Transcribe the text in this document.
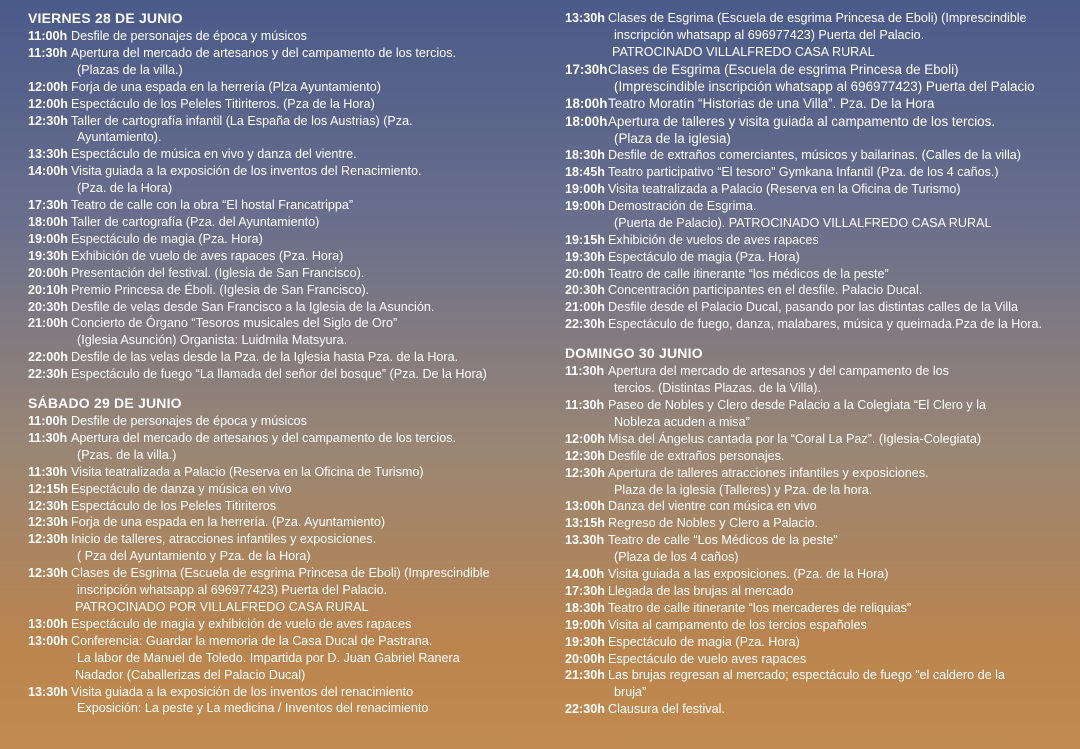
VIERNES 28 DE JUNIO
11:00h Desfile de personajes de época y músicos
11:30h Apertura del mercado de artesanos y del campamento de los tercios.
(Plazas de la villa.)
12:00h Forja de una espada en la herrería (Plza Ayuntamiento)
12:00h Espectáculo de los Peleles Titiriteros. (Pza de la Hora)
12:30h Taller de cartografía infantil (La España de los Austrias) (Pza.
Ayuntamiento).
13:30h Espectáculo de música en vivo y danza del vientre.
14:00h Visita guiada a la exposición de los inventos del Renacimiento.
(Pza. de la Hora)
17:30h Teatro de calle con la obra “El hostal Francatrippa”
18:00h Taller de cartografía (Pza. del Ayuntamiento)
19:00h Espectáculo de magia (Pza. Hora)
19:30h Exhibición de vuelo de aves rapaces (Pza. Hora)
20:00h Presentación del festival. (Iglesia de San Francisco).
20:10h Premio Princesa de Éboli. (Iglesia de San Francisco).
20:30h Desfile de velas desde San Francisco a la Iglesia de la Asunción.
21:00h Concierto de Órgano “Tesoros musicales del Siglo de Oro”
(Iglesia Asunción) Organista: Luidmila Matsyura.
22:00h Desfile de las velas desde la Pza. de la Iglesia hasta Pza. de la Hora.
22:30h Espectáculo de fuego “La llamada del señor del bosque” (Pza. De la Hora)
SÁBADO 29 DE JUNIO
11:00h Desfile de personajes de época y músicos
11:30h Apertura del mercado de artesanos y del campamento de los tercios.
(Pzas. de la villa.)
11:30h Visita teatralizada a Palacio (Reserva en la Oficina de Turismo)
12:15h Espectáculo de danza y música en vivo
12:30h Espectáculo de los Peleles Titiriteros
12:30h Forja de una espada en la herrería. (Pza. Ayuntamiento)
12:30h Inicio de talleres, atracciones infantiles y exposiciones.
( Pza del Ayuntamiento y Pza. de la Hora)
12:30h Clases de Esgrima (Escuela de esgrima Princesa de Eboli) (Imprescindible
inscripción whatsapp al 696977423) Puerta del Palacio.
PATROCINADO POR VILLALFREDO CASA RURAL
13:00h Espectáculo de magia y exhibición de vuelo de aves rapaces
13:00h Conferencia: Guardar la memoria de la Casa Ducal de Pastrana.
La labor de Manuel de Toledo. Impartida por D. Juan Gabriel Ranera
Nadador (Caballerizas del Palacio Ducal)
13:30h Visita guiada a la exposición de los inventos del renacimiento
Exposición: La peste y La medicina / Inventos del renacimiento
13:30h Clases de Esgrima (Escuela de esgrima Princesa de Eboli) (Imprescindible
inscripción whatsapp al 696977423) Puerta del Palacio.
PATROCINADO VILLALFREDO CASA RURAL
17:30hClases de Esgrima (Escuela de esgrima Princesa de Eboli)
(Imprescindible inscripción whatsapp al 696977423) Puerta del Palacio
18:00hTeatro Moratín “Historias de una Villa”. Pza. De la Hora
18:00hApertura de talleres y visita guiada al campamento de los tercios.
(Plaza de la iglesia)
18:30h Desfile de extraños comerciantes, músicos y bailarinas. (Calles de la villa)
18:45h Teatro participativo “El tesoro” Gymkana Infantil (Pza. de los 4 caños.)
19:00h Visita teatralizada a Palacio (Reserva en la Oficina de Turismo)
19:00h Demostración de Esgrima.
(Puerta de Palacio). PATROCINADO VILLALFREDO CASA RURAL
19:15h Exhibición de vuelos de aves rapaces
19:30h Espectáculo de magia (Pza. Hora)
20:00h Teatro de calle itinerante “los médicos de la peste”
20:30h Concentración participantes en el desfile. Palacio Ducal.
21:00h Desfile desde el Palacio Ducal, pasando por las distintas calles de la Villa
22:30h Espectáculo de fuego, danza, malabares, música y queimada.Pza de la Hora.
DOMINGO 30 JUNIO
11:30h Apertura del mercado de artesanos y del campamento de los
tercios. (Distintas Plazas. de la Villa).
11:30h Paseo de Nobles y Clero desde Palacio a la Colegiata “El Clero y la
Nobleza acuden a misa”
12:00h Misa del Ángelus cantada por la “Coral La Paz”. (Iglesia-Colegiata)
12:30h Desfile de extraños personajes.
12:30h Apertura de talleres atracciones infantiles y exposiciones.
Plaza de la iglesia (Talleres) y Pza. de la hora.
13:00h Danza del vientre con música en vivo
13:15h Regreso de Nobles y Clero a Palacio.
13.30h Teatro de calle “Los Médicos de la peste”
(Plaza de los 4 caños)
14.00h Visita guiada a las exposiciones. (Pza. de la Hora)
17:30h Llegada de las brujas al mercado
18:30h Teatro de calle itinerante “los mercaderes de reliquias”
19:00h Visita al campamento de los tercios españoles
19:30h Espectáculo de magia (Pza. Hora)
20:00h Espectáculo de vuelo aves rapaces
21:30h Las brujas regresan al mercado; espectáculo de fuego “el caldero de la
bruja”
22:30h Clausura del festival.
